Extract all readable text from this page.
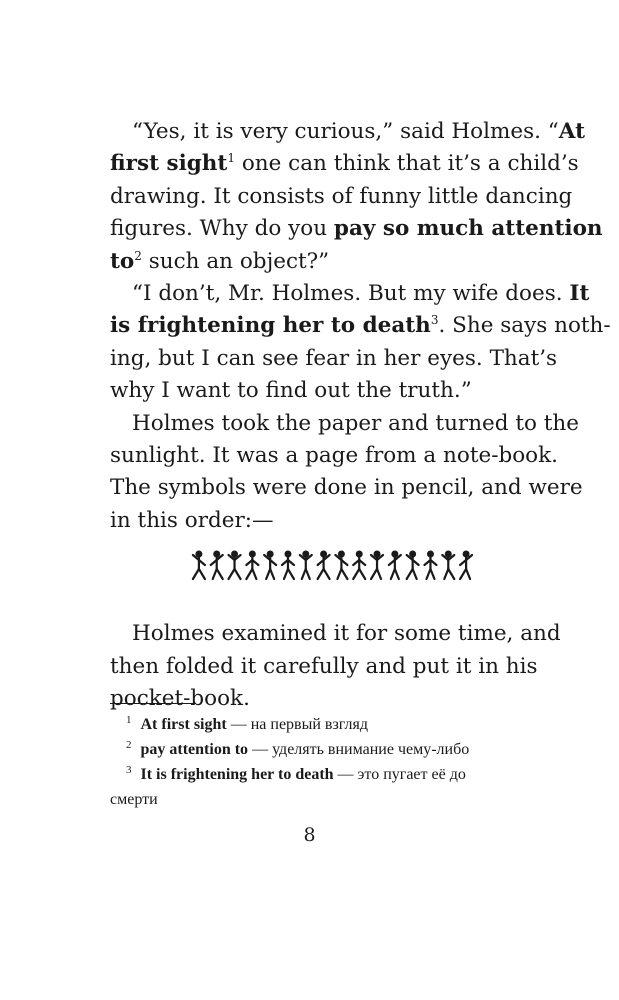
“Yes, it is very curious,” said Holmes. “At
first sight$^1$ one can think that it’s a child’s
drawing. It consists of funny little dancing
figures. Why do you pay so much attention
$to^2$ such an object?”
“I don’t, Mr. Holmes. But my wife does. It
is frightening her to death$^3$. She says noth-
ing, but I can see fear in her eyes. That’s
why I want to find out the truth.”
Holmes took the paper and turned to the
sunlight. It was a page from a note-book.
The symbols were done in pencil, and were
in this order:—
Holmes examined it for some time, and
then folded it carefully and put it in his
pocket-book.
$^1$ At first sight — на первый взгляд
$^2$ pay attention to — уделять внимание чему-либо
$^3$ It is frightening her to death — это пугает её до
смерти
8
